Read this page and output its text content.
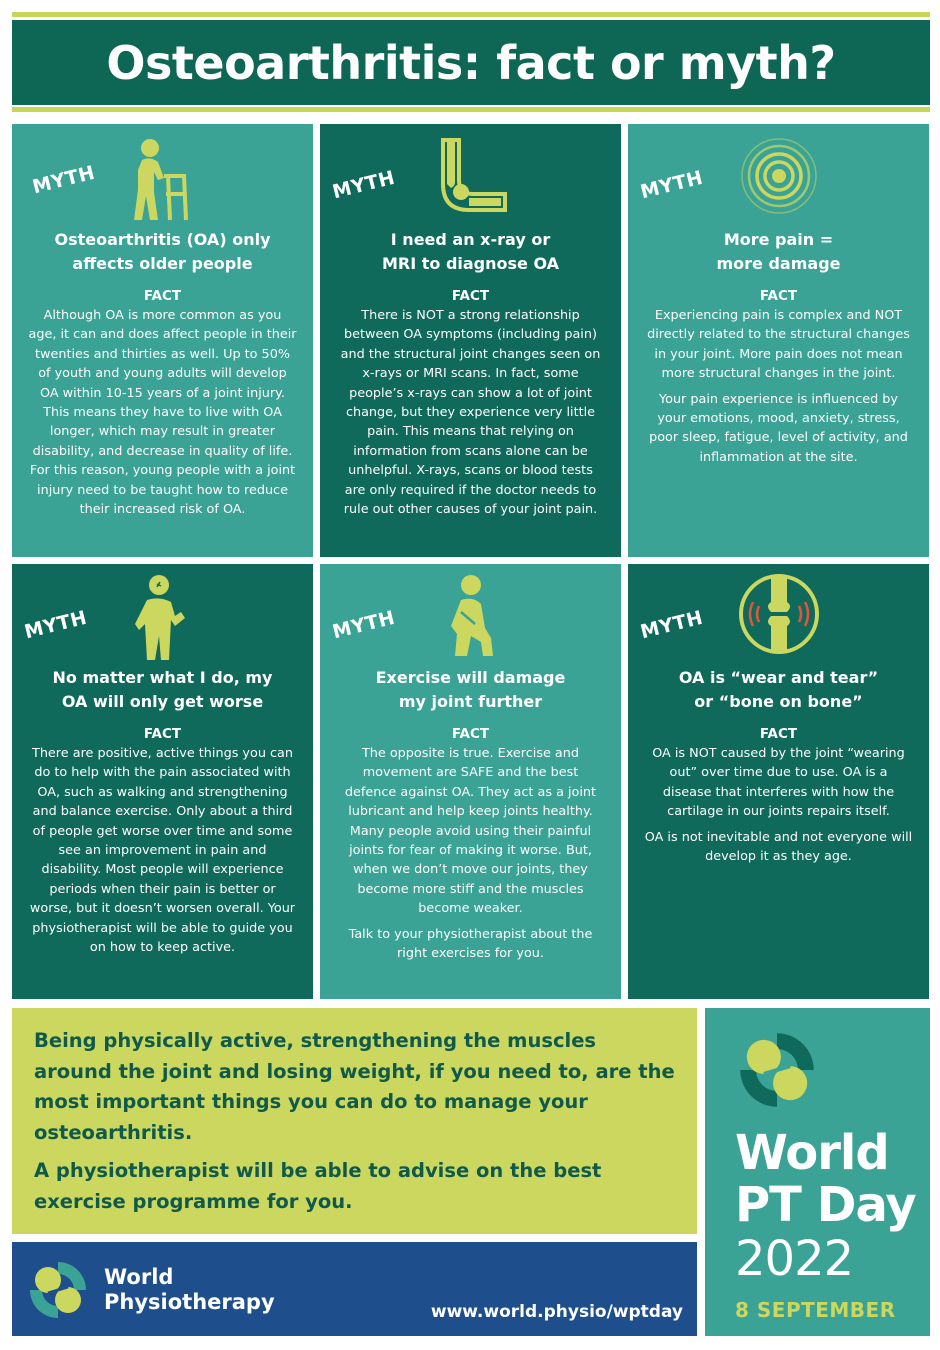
Osteoarthritis: fact or myth?
MYTH
Osteoarthritis (OA) only
affects older people
FACT

Although OA is more common as you age, it can and does affect people in their twenties and thirties as well. Up to 50% of youth and young adults will develop OA within 10-15 years of a joint injury. This means they have to live with OA longer, which may result in greater disability, and decrease in quality of life. For this reason, young people with a joint injury need to be taught how to reduce their increased risk of OA.

MYTH
I need an x-ray or
MRI to diagnose OA
FACT

There is NOT a strong relationship between OA symptoms (including pain) and the structural joint changes seen on x-rays or MRI scans. In fact, some people’s x-rays can show a lot of joint change, but they experience very little pain. This means that relying on information from scans alone can be unhelpful. X-rays, scans or blood tests are only required if the doctor needs to rule out other causes of your joint pain.

MYTH
More pain =
more damage
FACT

Experiencing pain is complex and NOT directly related to the structural changes in your joint. More pain does not mean more structural changes in the joint.

Your pain experience is influenced by your emotions, mood, anxiety, stress, poor sleep, fatigue, level of activity, and inflammation at the site.

MYTH
No matter what I do, my
OA will only get worse
FACT

There are positive, active things you can do to help with the pain associated with OA, such as walking and strengthening and balance exercise. Only about a third of people get worse over time and some see an improvement in pain and disability. Most people will experience periods when their pain is better or worse, but it doesn’t worsen overall. Your physiotherapist will be able to guide you on how to keep active.

MYTH
Exercise will damage
my joint further
FACT

The opposite is true. Exercise and movement are SAFE and the best defence against OA. They act as a joint lubricant and help keep joints healthy. Many people avoid using their painful joints for fear of making it worse. But, when we don’t move our joints, they become more stiff and the muscles become weaker.

Talk to your physiotherapist about the right exercises for you.

MYTH
OA is “wear and tear”
or “bone on bone”
FACT

OA is NOT caused by the joint “wearing out” over time due to use. OA is a disease that interferes with how the cartilage in our joints repairs itself.

OA is not inevitable and not everyone will develop it as they age.

Being physically active, strengthening the muscles around the joint and losing weight, if you need to, are the most important things you can do to manage your osteoarthritis.

A physiotherapist will be able to advise on the best exercise programme for you.

World
Physiotherapy	www.world.physio/wptday
World
PT Day
2022
8 SEPTEMBER
